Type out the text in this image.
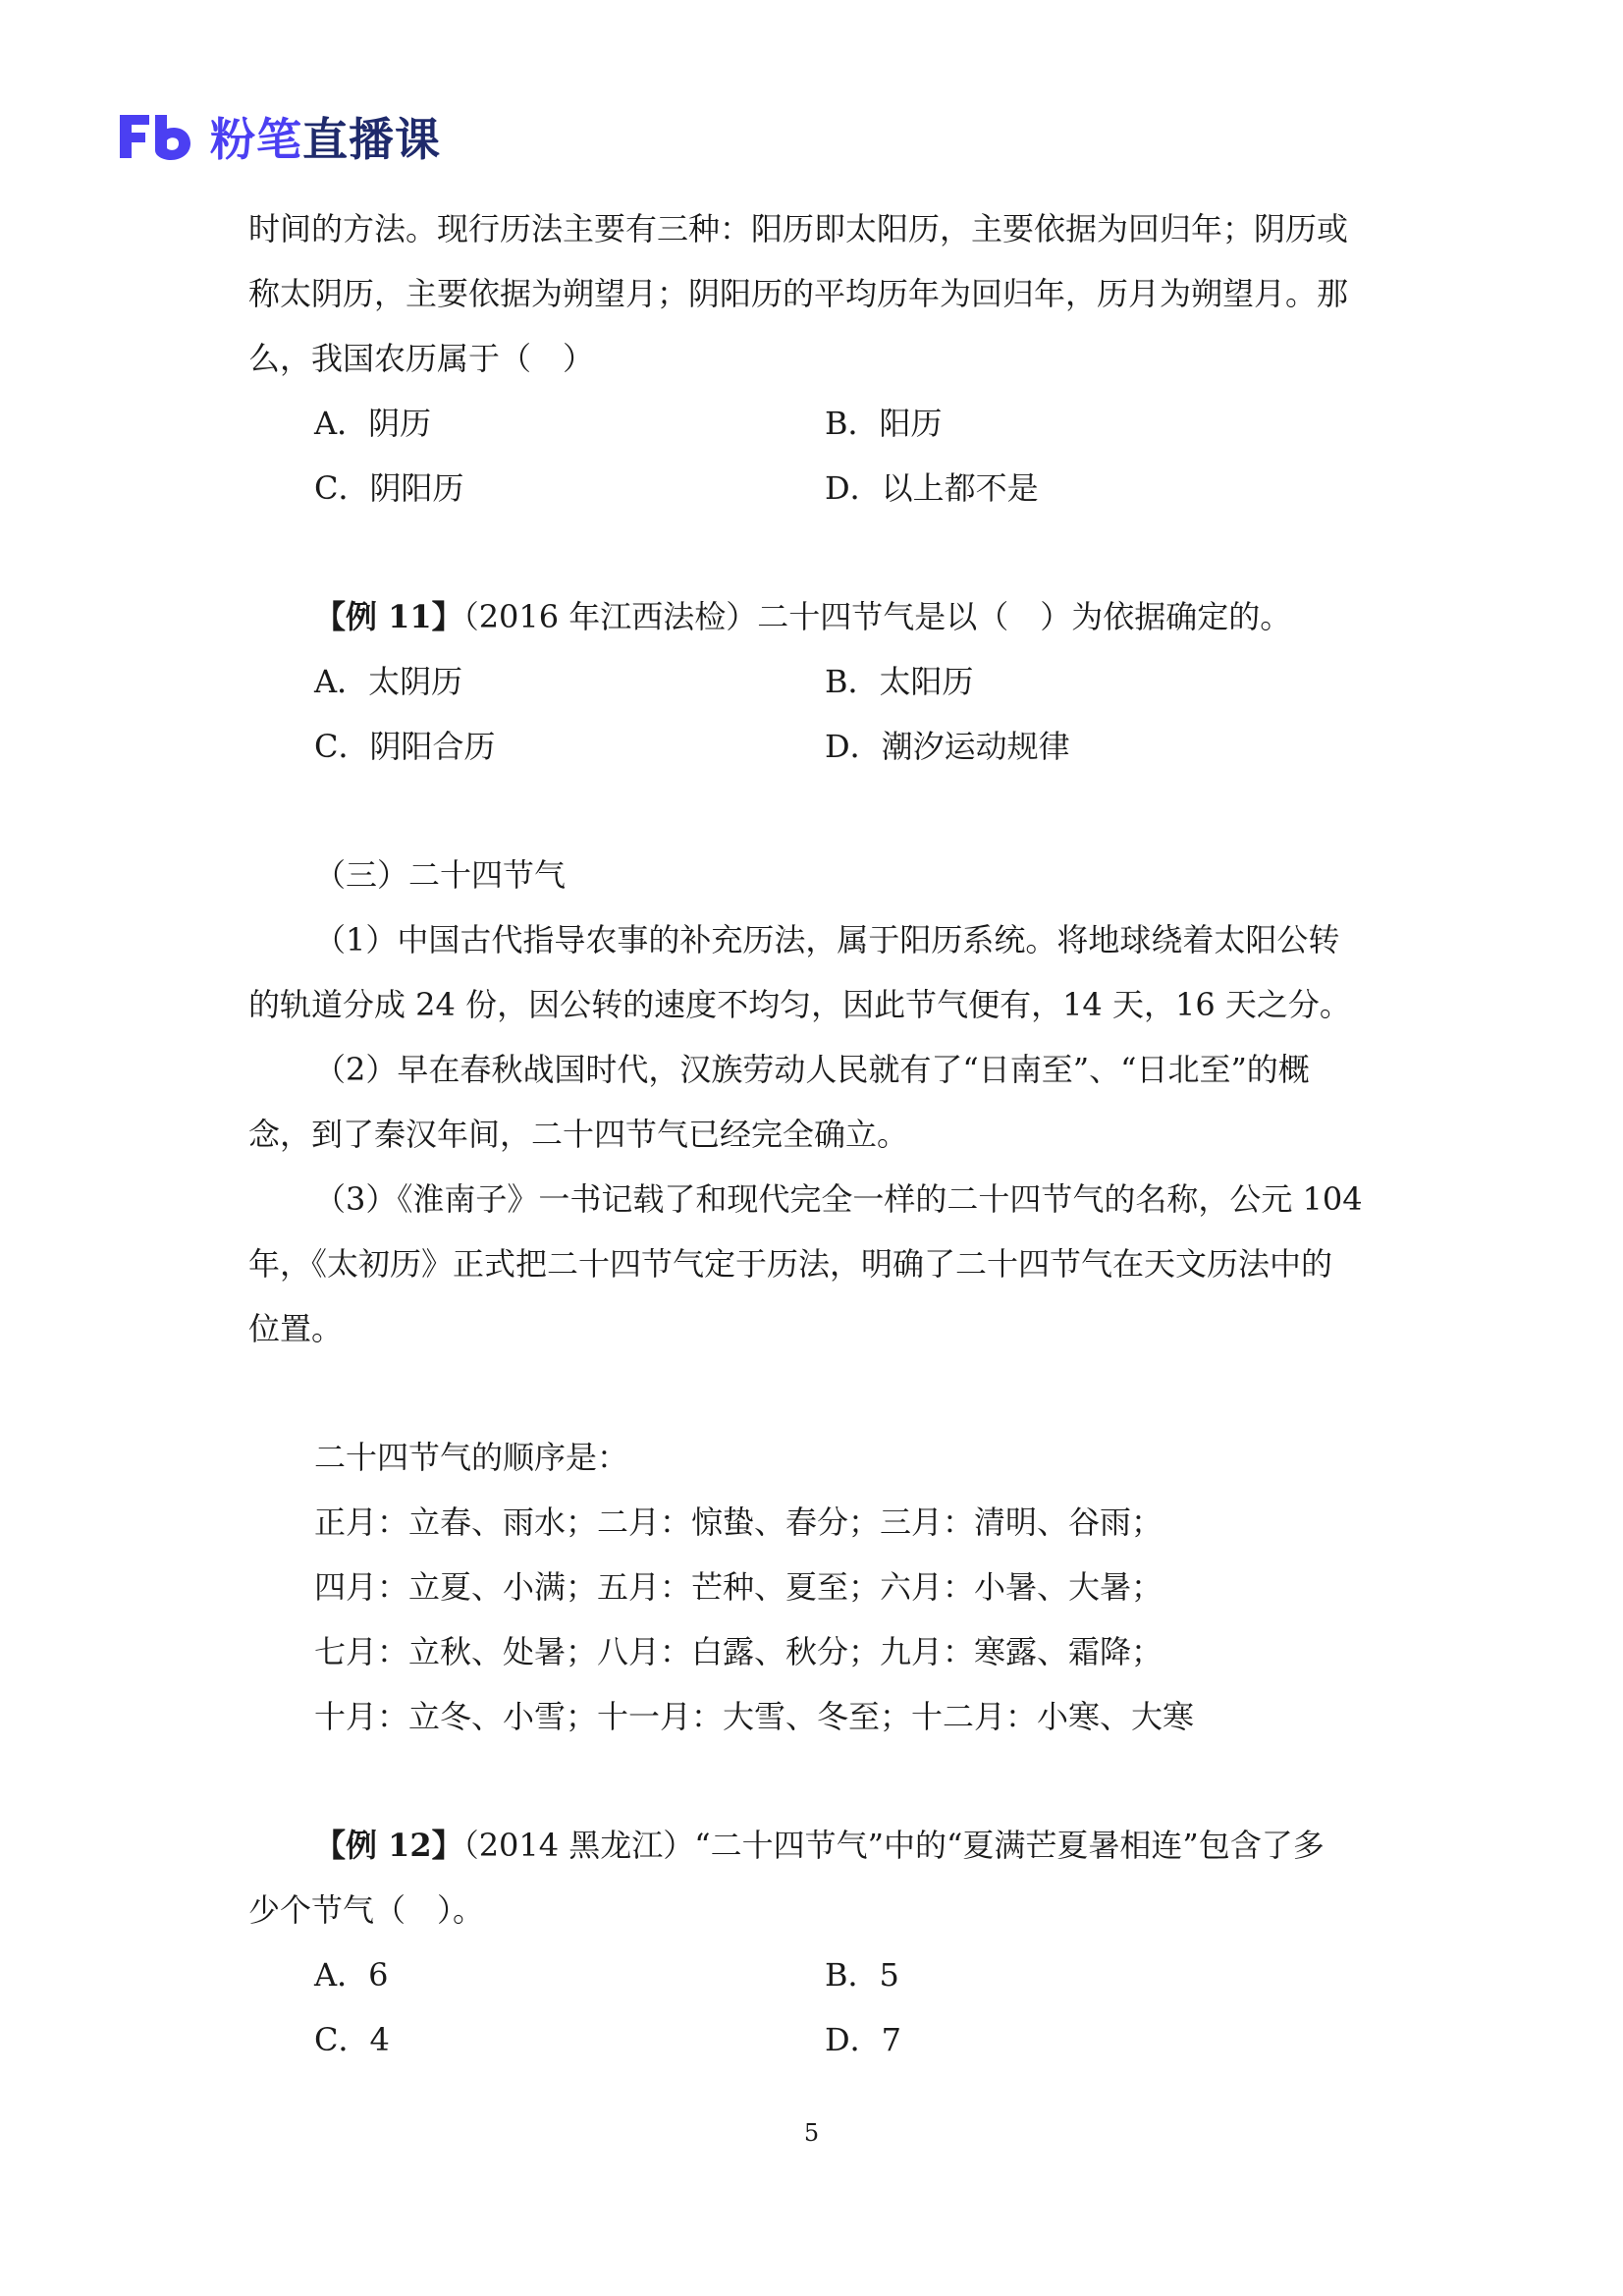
粉笔直播课
时间的方法。现行历法主要有三种：阳历即太阳历，主要依据为回归年；阴历或
称太阴历，主要依据为朔望月；阴阳历的平均历年为回归年，历月为朔望月。那
么，我国农历属于（　）
A．阴历	B．阳历
C．阴阳历	D．以上都不是
【例 11】（2016 年江西法检）二十四节气是以（　）为依据确定的。
A．太阴历	B．太阳历
C．阴阳合历	D．潮汐运动规律
（三）二十四节气
（1）中国古代指导农事的补充历法，属于阳历系统。将地球绕着太阳公转
的轨道分成 24 份，因公转的速度不均匀，因此节气便有，14 天，16 天之分。
（2）早在春秋战国时代，汉族劳动人民就有了“日南至”、“日北至”的概
念，到了秦汉年间，二十四节气已经完全确立。
（3）《淮南子》一书记载了和现代完全一样的二十四节气的名称，公元 104
年，《太初历》正式把二十四节气定于历法，明确了二十四节气在天文历法中的
位置。
二十四节气的顺序是：
正月：立春、雨水；二月：惊蛰、春分；三月：清明、谷雨；
四月：立夏、小满；五月：芒种、夏至；六月：小暑、大暑；
七月：立秋、处暑；八月：白露、秋分；九月：寒露、霜降；
十月：立冬、小雪；十一月：大雪、冬至；十二月：小寒、大寒
【例 12】（2014 黑龙江）“二十四节气”中的“夏满芒夏暑相连”包含了多
少个节气（　）。
A．6	B．5
C．4	D．7
5
